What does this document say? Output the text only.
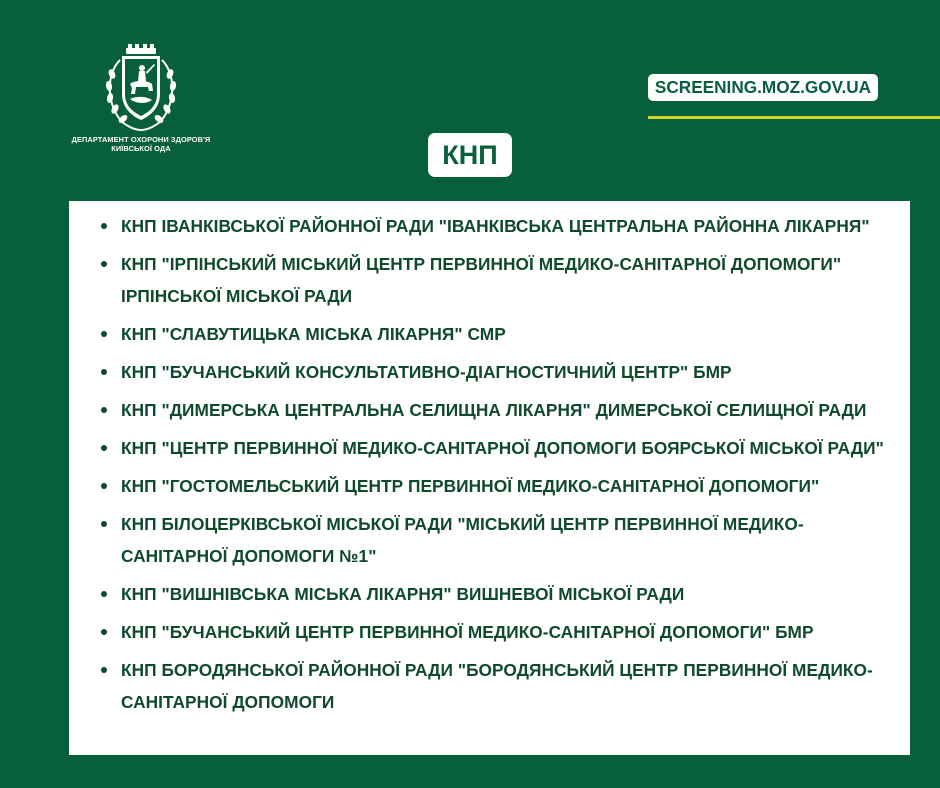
ДЕПАРТАМЕНТ ОХОРОНИ ЗДОРОВ'Я
КИЇВСЬКОЇ ОДА
SCREENING.MOZ.GOV.UA
КНП
КНП ІВАНКІВСЬКОЇ РАЙОННОЇ РАДИ "ІВАНКІВСЬКА ЦЕНТРАЛЬНА РАЙОННА ЛІКАРНЯ"
КНП "ІРПІНСЬКИЙ МІСЬКИЙ ЦЕНТР ПЕРВИННОЇ МЕДИКО-САНІТАРНОЇ ДОПОМОГИ" ІРПІНСЬКОЇ МІСЬКОЇ РАДИ
КНП "СЛАВУТИЦЬКА МІСЬКА ЛІКАРНЯ" СМР
КНП "БУЧАНСЬКИЙ КОНСУЛЬТАТИВНО-ДІАГНОСТИЧНИЙ ЦЕНТР" БМР
КНП "ДИМЕРСЬКА ЦЕНТРАЛЬНА СЕЛИЩНА ЛІКАРНЯ" ДИМЕРСЬКОЇ СЕЛИЩНОЇ РАДИ
КНП "ЦЕНТР ПЕРВИННОЇ МЕДИКО-САНІТАРНОЇ ДОПОМОГИ БОЯРСЬКОЇ МІСЬКОЇ РАДИ"
КНП "ГОСТОМЕЛЬСЬКИЙ ЦЕНТР ПЕРВИННОЇ МЕДИКО-САНІТАРНОЇ ДОПОМОГИ"
КНП БІЛОЦЕРКІВСЬКОЇ МІСЬКОЇ РАДИ "МІСЬКИЙ ЦЕНТР ПЕРВИННОЇ МЕДИКО-САНІТАРНОЇ ДОПОМОГИ №1"
КНП "ВИШНІВСЬКА МІСЬКА ЛІКАРНЯ" ВИШНЕВОЇ МІСЬКОЇ РАДИ
КНП "БУЧАНСЬКИЙ ЦЕНТР ПЕРВИННОЇ МЕДИКО-САНІТАРНОЇ ДОПОМОГИ" БМР
КНП БОРОДЯНСЬКОЇ РАЙОННОЇ РАДИ "БОРОДЯНСЬКИЙ ЦЕНТР ПЕРВИННОЇ МЕДИКО-САНІТАРНОЇ ДОПОМОГИ
